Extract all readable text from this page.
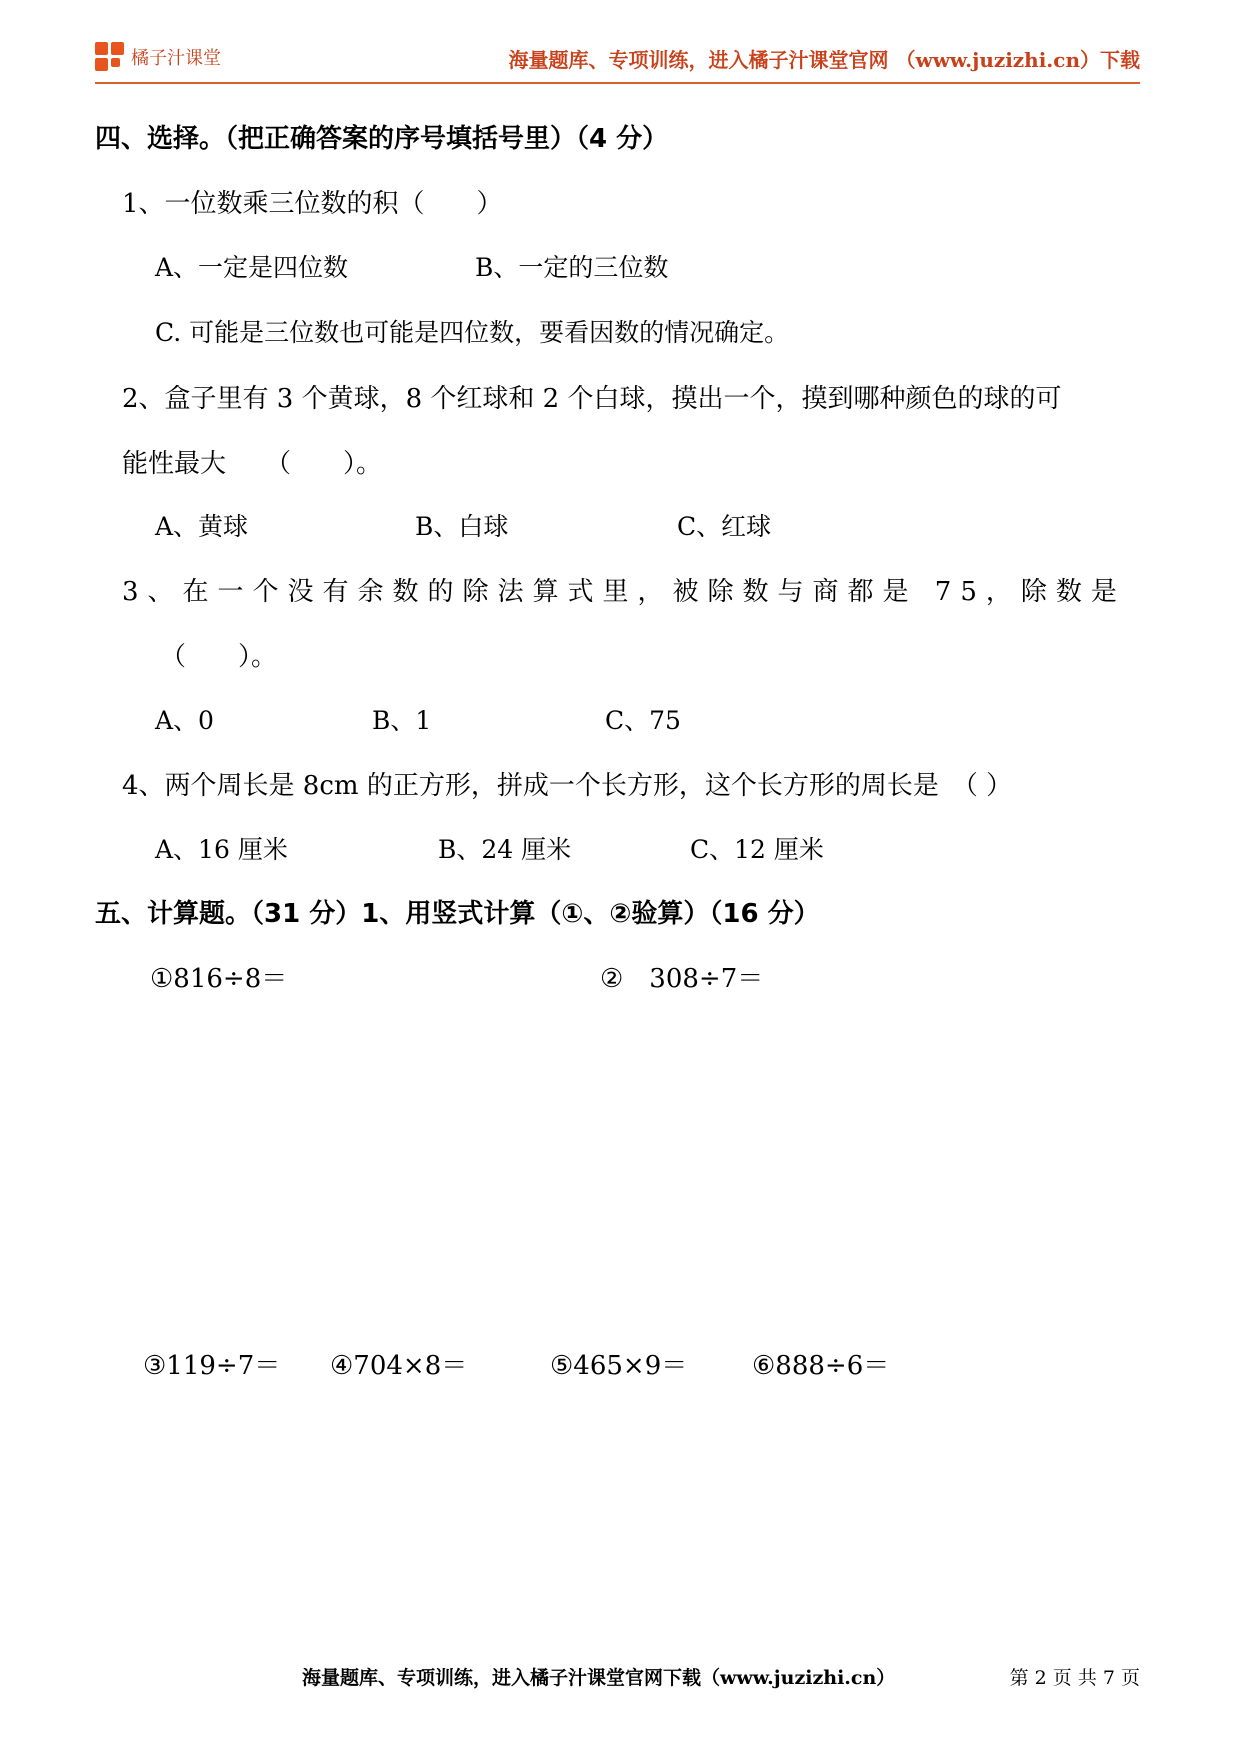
橘子汁课堂	海量题库、专项训练，进入橘子汁课堂官网 （www.juzizhi.cn）下载
四、选择。（把正确答案的序号填括号里）（4 分）
1、一位数乘三位数的积（　　）
A、一定是四位数	B、一定的三位数
C. 可能是三位数也可能是四位数，要看因数的情况确定。
2、盒子里有 3 个黄球，8 个红球和 2 个白球，摸出一个，摸到哪种颜色的球的可
能性最大　　（　　）。
A、黄球	B、白球	C、红球
3、在一个没有余数的除法算式里，被除数与商都是 75，除数是
（　　）。
A、0	B、1	C、75
4、两个周长是 8cm 的正方形，拼成一个长方形，这个长方形的周长是　（ ）
A、16 厘米	B、24 厘米	C、12 厘米
五、计算题。（31 分）1、用竖式计算（①、②验算）（16 分）
①816÷8＝	②　308÷7＝
③119÷7＝ ④704×8＝	⑤465×9＝ ⑥888÷6＝
海量题库、专项训练，进入橘子汁课堂官网下载（www.juzizhi.cn）	第 2 页 共 7 页
